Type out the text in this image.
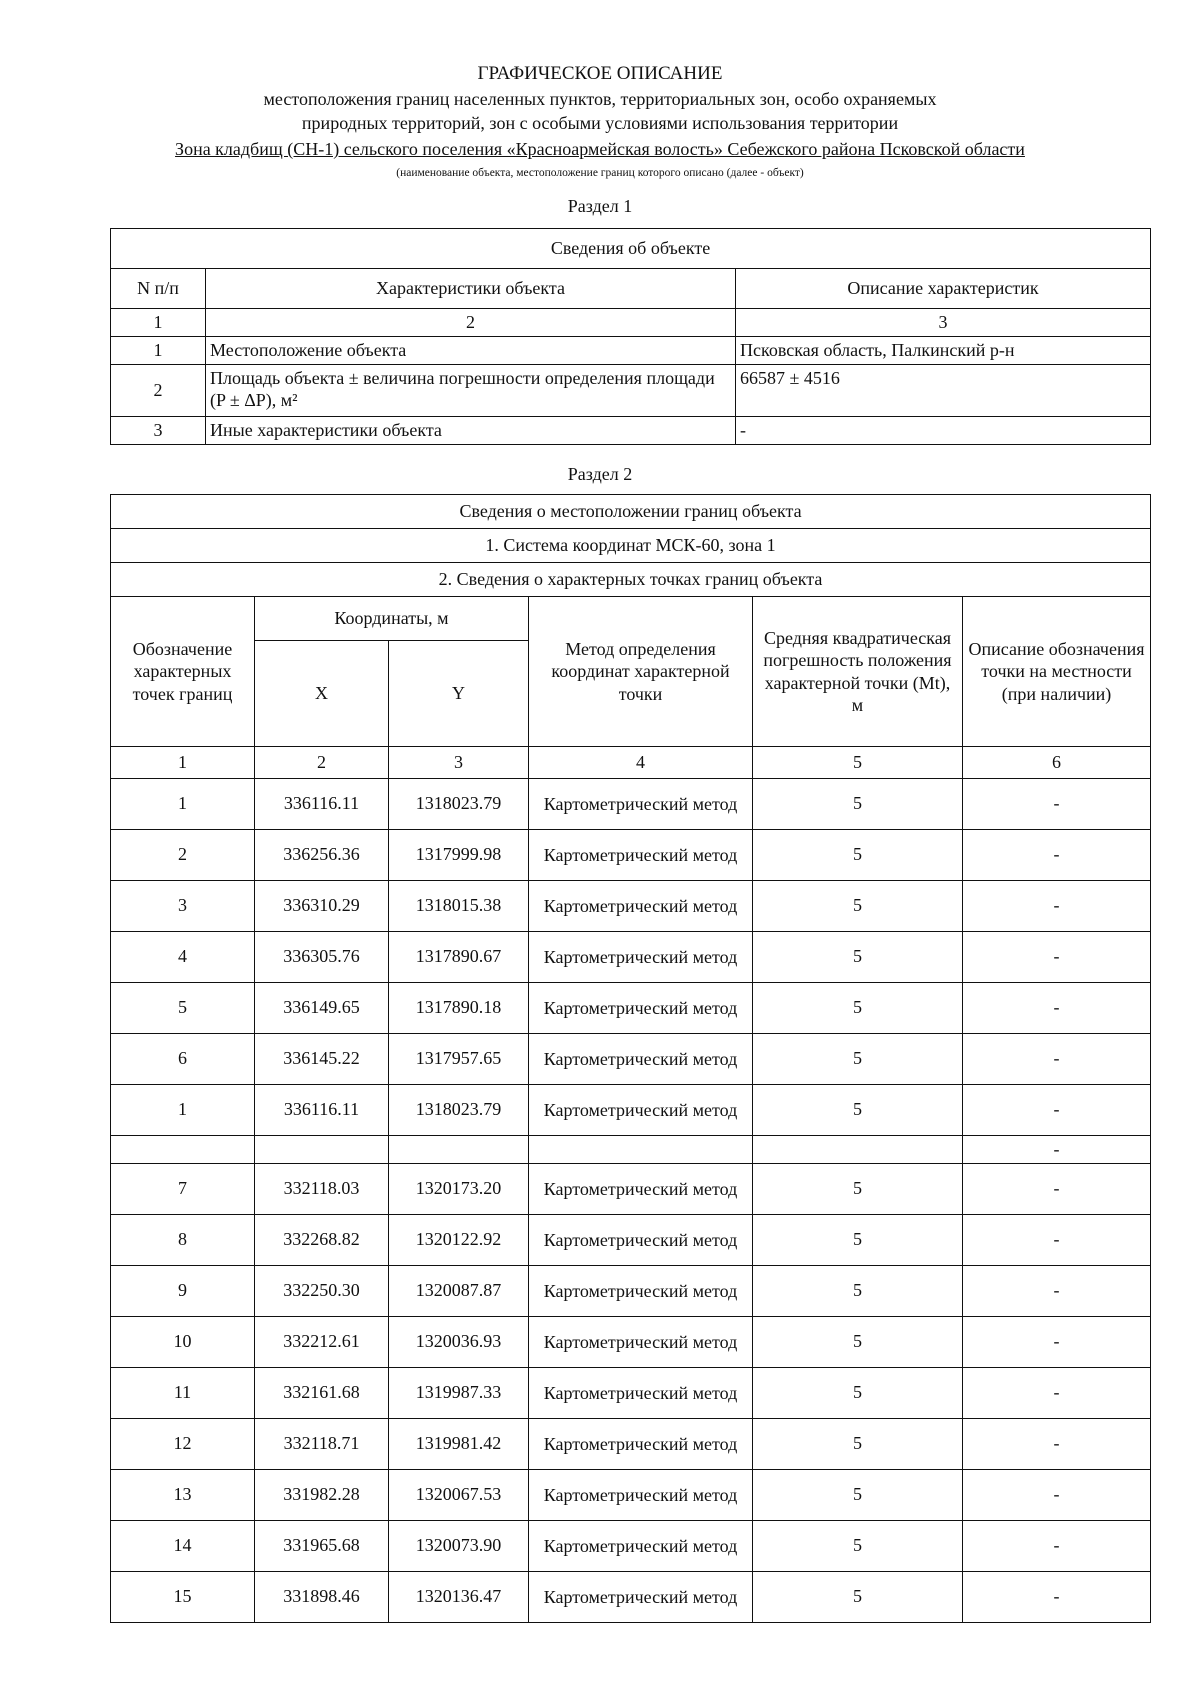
ГРАФИЧЕСКОЕ ОПИСАНИЕ
местоположения границ населенных пунктов, территориальных зон, особо охраняемых
природных территорий, зон с особыми условиями использования территории
Зона кладбищ (СН-1) сельского поселения «Красноармейская волость» Себежского района Псковской области
(наименование объекта, местоположение границ которого описано (далее - объект)
Раздел 1
Сведения об объекте		
N п/п	Характеристики объекта	Описание характеристик
1	2	3
1	Местоположение объекта	Псковская область, Палкинский р-н
2	Площадь объекта ± величина погрешности определения площади (P ± ΔP), м²	66587 ± 4516
3	Иные характеристики объекта	-
Раздел 2
Сведения о местоположении границ объекта					
1. Система координат МСК-60, зона 1					
2. Сведения о характерных точках границ объекта					
Обозначение характерных точек границ	Координаты, м		Метод определения координат характерной точки	Средняя квадратическая погрешность положения характерной точки (Mt), м	Описание обозначения точки на местности (при наличии)
	X	Y			
1	2	3	4	5	6
1	336116.11	1318023.79	Картометрический метод	5	-
2	336256.36	1317999.98	Картометрический метод	5	-
3	336310.29	1318015.38	Картометрический метод	5	-
4	336305.76	1317890.67	Картометрический метод	5	-
5	336149.65	1317890.18	Картометрический метод	5	-
6	336145.22	1317957.65	Картометрический метод	5	-
1	336116.11	1318023.79	Картометрический метод	5	-
					-
7	332118.03	1320173.20	Картометрический метод	5	-
8	332268.82	1320122.92	Картометрический метод	5	-
9	332250.30	1320087.87	Картометрический метод	5	-
10	332212.61	1320036.93	Картометрический метод	5	-
11	332161.68	1319987.33	Картометрический метод	5	-
12	332118.71	1319981.42	Картометрический метод	5	-
13	331982.28	1320067.53	Картометрический метод	5	-
14	331965.68	1320073.90	Картометрический метод	5	-
15	331898.46	1320136.47	Картометрический метод	5	-
